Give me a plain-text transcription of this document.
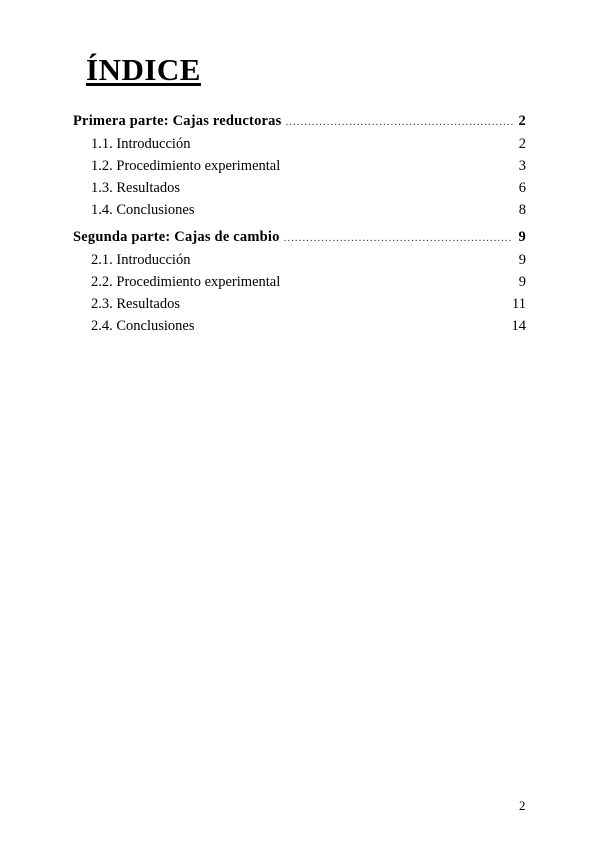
ÍNDICE
Primera parte: Cajas reductoras .....	2
1.1. Introducción	2
1.2. Procedimiento experimental	3
1.3. Resultados	6
1.4. Conclusiones	8
Segunda parte: Cajas de cambio .....	9
2.1. Introducción	9
2.2. Procedimiento experimental	9
2.3. Resultados	11
2.4. Conclusiones	14
2
